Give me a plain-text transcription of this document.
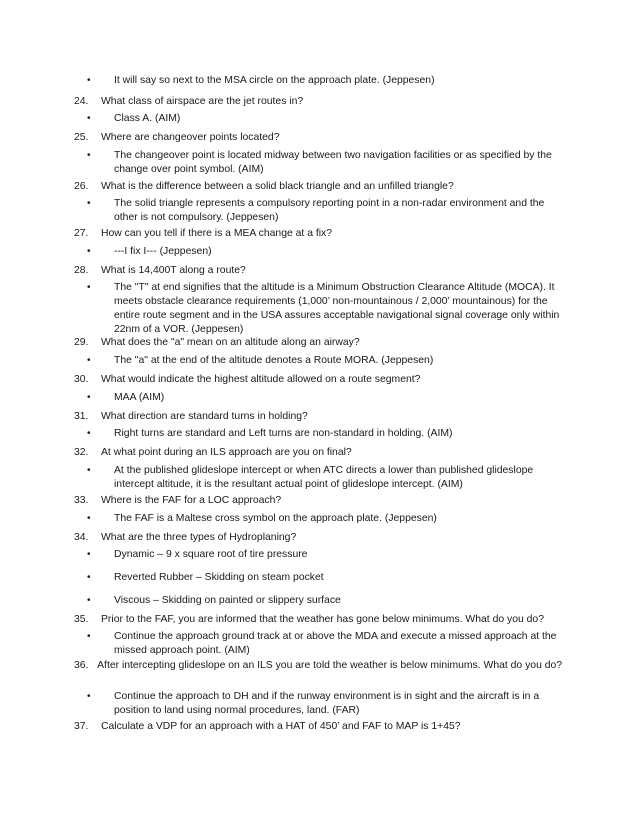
• It will say so next to the MSA circle on the approach plate. (Jeppesen)
24. What class of airspace are the jet routes in?
• Class A. (AIM)
25. Where are changeover points located?
• The changeover point is located midway between two navigation facilities or as specified by the change over point symbol. (AIM)
26. What is the difference between a solid black triangle and an unfilled triangle?
• The solid triangle represents a compulsory reporting point in a non-radar environment and the other is not compulsory. (Jeppesen)
27. How can you tell if there is a MEA change at a fix?
• ---I fix I--- (Jeppesen)
28. What is 14,400T along a route?
• The "T" at end signifies that the altitude is a Minimum Obstruction Clearance Altitude (MOCA). It meets obstacle clearance requirements (1,000’ non-mountainous / 2,000’ mountainous) for the entire route segment and in the USA assures acceptable navigational signal coverage only within 22nm of a VOR. (Jeppesen)
29. What does the "a" mean on an altitude along an airway?
• The "a" at the end of the altitude denotes a Route MORA. (Jeppesen)
30. What would indicate the highest altitude allowed on a route segment?
• MAA (AIM)
31. What direction are standard turns in holding?
• Right turns are standard and Left turns are non-standard in holding. (AIM)
32. At what point during an ILS approach are you on final?
• At the published glideslope intercept or when ATC directs a lower than published glideslope intercept altitude, it is the resultant actual point of glideslope intercept. (AIM)
33. Where is the FAF for a LOC approach?
• The FAF is a Maltese cross symbol on the approach plate. (Jeppesen)
34. What are the three types of Hydroplaning?
• Dynamic – 9 x square root of tire pressure
• Reverted Rubber – Skidding on steam pocket
• Viscous – Skidding on painted or slippery surface
35. Prior to the FAF, you are informed that the weather has gone below minimums. What do you do?
• Continue the approach ground track at or above the MDA and execute a missed approach at the missed approach point. (AIM)
36. After intercepting glideslope on an ILS you are told the weather is below minimums. What do you do?
• Continue the approach to DH and if the runway environment is in sight and the aircraft is in a position to land using normal procedures, land. (FAR)
37. Calculate a VDP for an approach with a HAT of 450’ and FAF to MAP is 1+45?
